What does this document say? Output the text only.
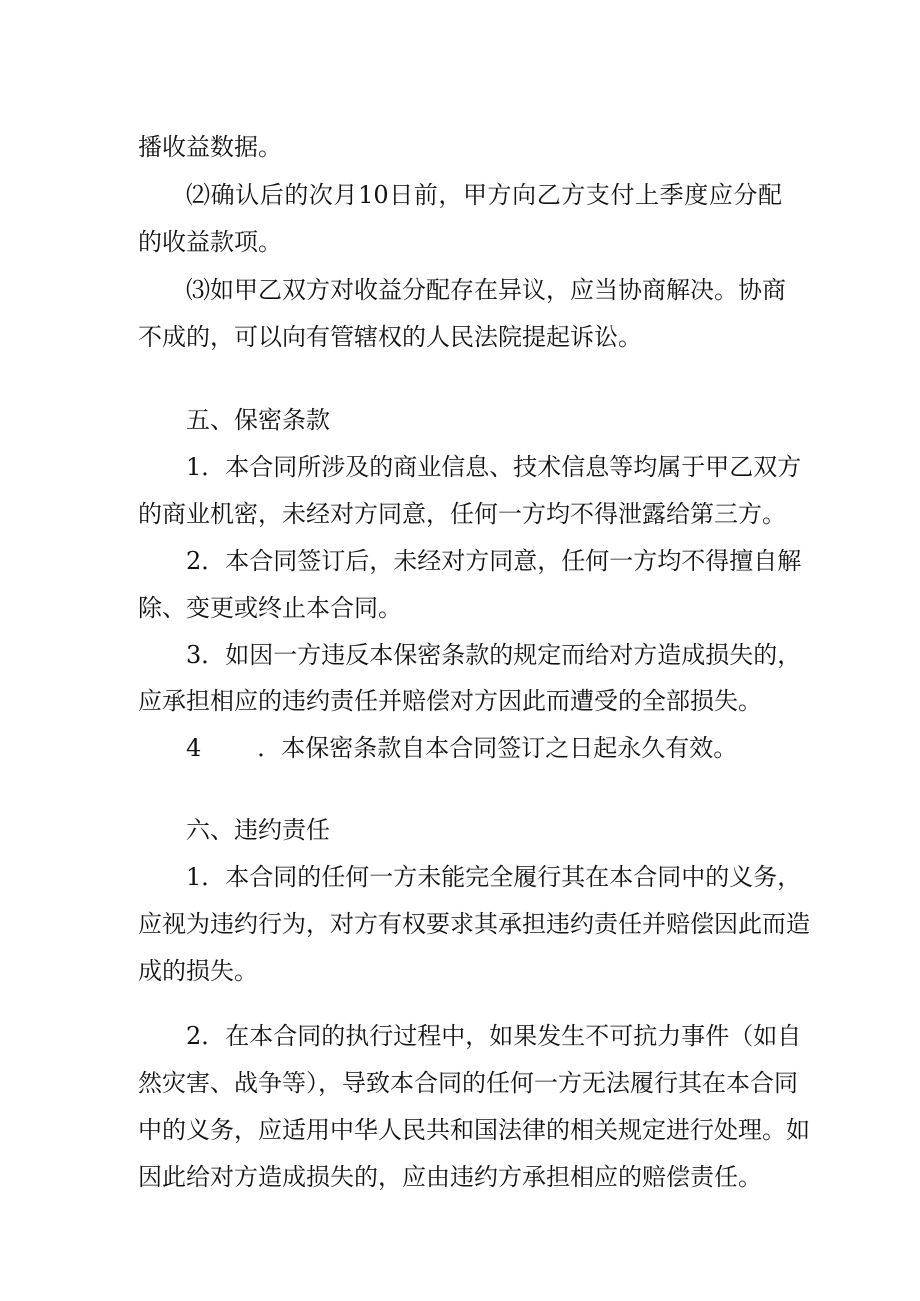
播收益数据。

⑵确认后的次月10日前，甲方向乙方支付上季度应分配

的收益款项。

⑶如甲乙双方对收益分配存在异议，应当协商解决。协商

不成的，可以向有管辖权的人民法院提起诉讼。

五、保密条款

1．本合同所涉及的商业信息、技术信息等均属于甲乙双方

的商业机密，未经对方同意，任何一方均不得泄露给第三方。

2．本合同签订后，未经对方同意，任何一方均不得擅自解

除、变更或终止本合同。

3．如因一方违反本保密条款的规定而给对方造成损失的，

应承担相应的违约责任并赔偿对方因此而遭受的全部损失。

4 ．本保密条款自本合同签订之日起永久有效。

六、违约责任

1．本合同的任何一方未能完全履行其在本合同中的义务，

应视为违约行为，对方有权要求其承担违约责任并赔偿因此而造

成的损失。

2．在本合同的执行过程中，如果发生不可抗力事件（如自

然灾害、战争等），导致本合同的任何一方无法履行其在本合同

中的义务，应适用中华人民共和国法律的相关规定进行处理。如

因此给对方造成损失的，应由违约方承担相应的赔偿责任。
